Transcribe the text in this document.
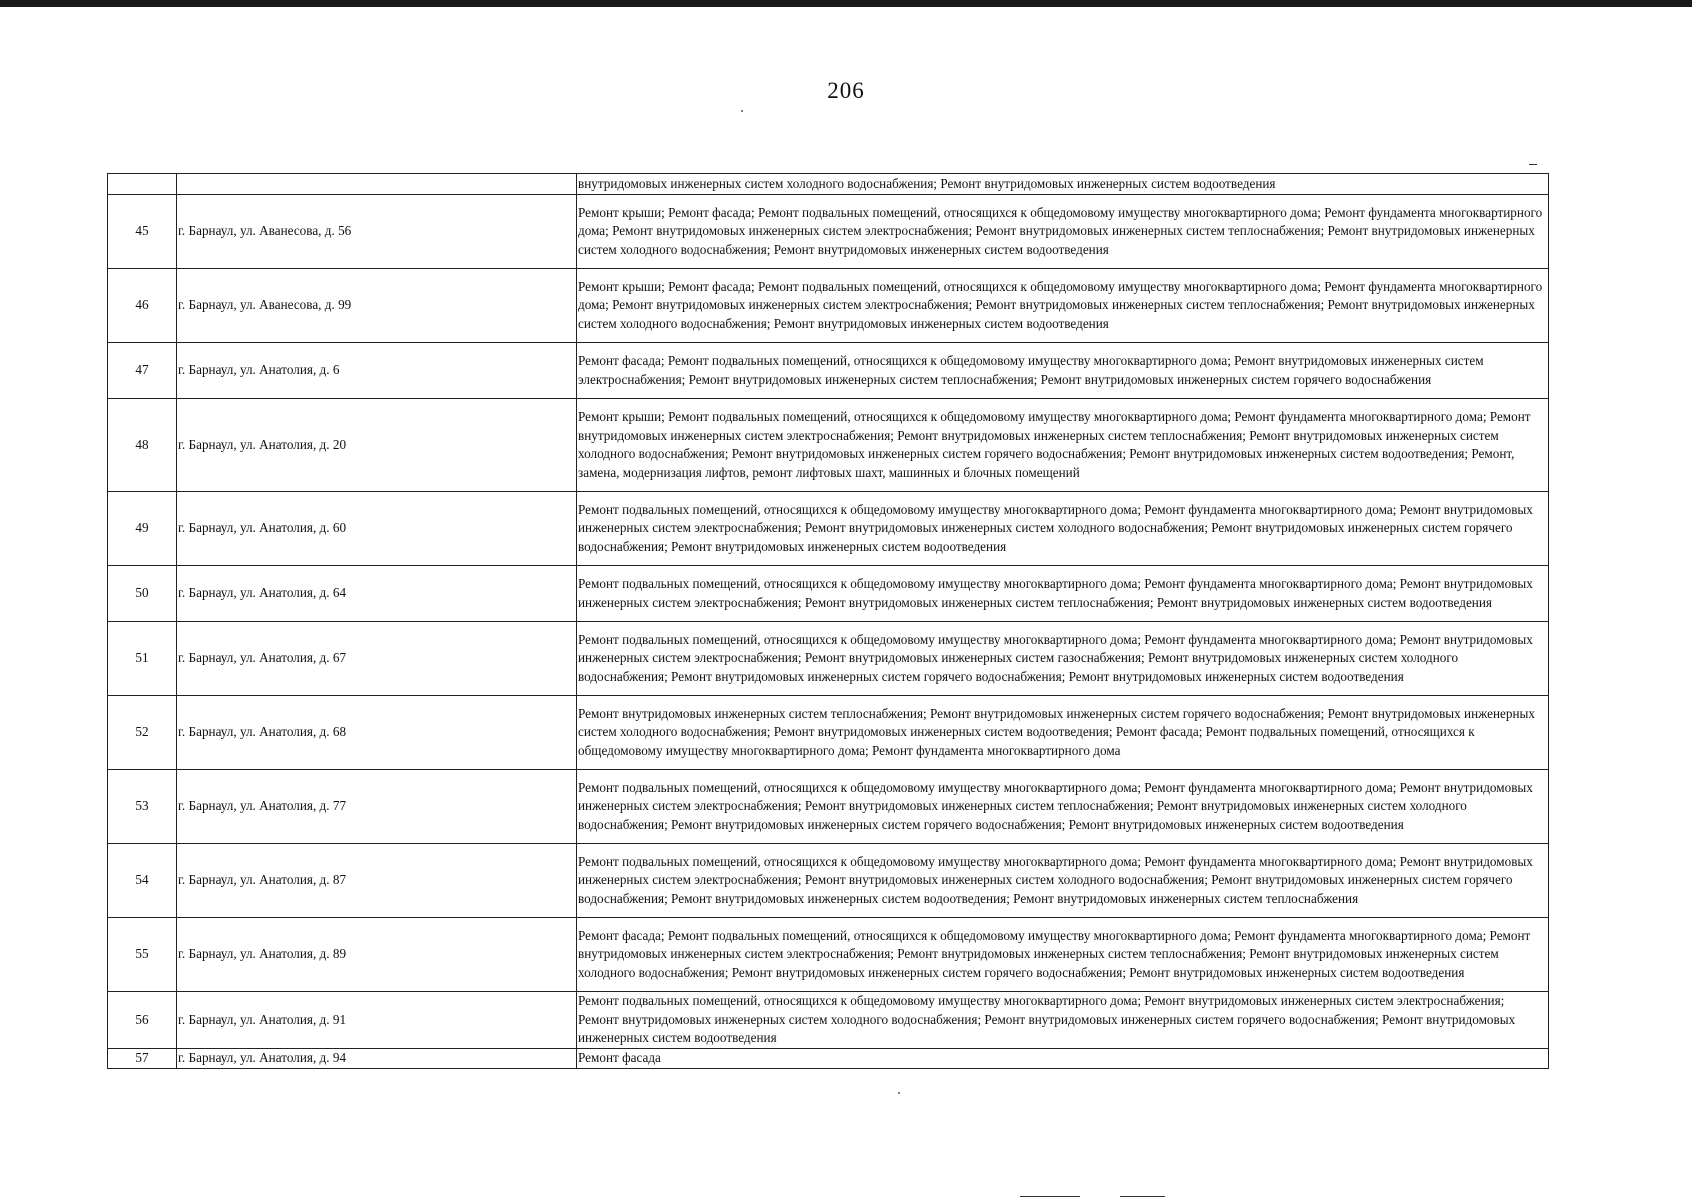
206
		внутридомовых инженерных систем холодного водоснабжения; Ремонт внутридомовых инженерных систем водоотведения
45	г. Барнаул, ул. Аванесова, д. 56	Ремонт крыши; Ремонт фасада; Ремонт подвальных помещений, относящихся к общедомовому имуществу многоквартирного дома; Ремонт фундамента многоквартирного дома; Ремонт внутридомовых инженерных систем электроснабжения; Ремонт внутридомовых инженерных систем теплоснабжения; Ремонт внутридомовых инженерных систем холодного водоснабжения; Ремонт внутридомовых инженерных систем водоотведения
46	г. Барнаул, ул. Аванесова, д. 99	Ремонт крыши; Ремонт фасада; Ремонт подвальных помещений, относящихся к общедомовому имуществу многоквартирного дома; Ремонт фундамента многоквартирного дома; Ремонт внутридомовых инженерных систем электроснабжения; Ремонт внутридомовых инженерных систем теплоснабжения; Ремонт внутридомовых инженерных систем холодного водоснабжения; Ремонт внутридомовых инженерных систем водоотведения
47	г. Барнаул, ул. Анатолия, д. 6	Ремонт фасада; Ремонт подвальных помещений, относящихся к общедомовому имуществу многоквартирного дома; Ремонт внутридомовых инженерных систем электроснабжения; Ремонт внутридомовых инженерных систем теплоснабжения; Ремонт внутридомовых инженерных систем горячего водоснабжения
48	г. Барнаул, ул. Анатолия, д. 20	Ремонт крыши; Ремонт подвальных помещений, относящихся к общедомовому имуществу многоквартирного дома; Ремонт фундамента многоквартирного дома; Ремонт внутридомовых инженерных систем электроснабжения; Ремонт внутридомовых инженерных систем теплоснабжения; Ремонт внутридомовых инженерных систем холодного водоснабжения; Ремонт внутридомовых инженерных систем горячего водоснабжения; Ремонт внутридомовых инженерных систем водоотведения; Ремонт, замена, модернизация лифтов, ремонт лифтовых шахт, машинных и блочных помещений
49	г. Барнаул, ул. Анатолия, д. 60	Ремонт подвальных помещений, относящихся к общедомовому имуществу многоквартирного дома; Ремонт фундамента многоквартирного дома; Ремонт внутридомовых инженерных систем электроснабжения; Ремонт внутридомовых инженерных систем холодного водоснабжения; Ремонт внутридомовых инженерных систем горячего водоснабжения; Ремонт внутридомовых инженерных систем водоотведения
50	г. Барнаул, ул. Анатолия, д. 64	Ремонт подвальных помещений, относящихся к общедомовому имуществу многоквартирного дома; Ремонт фундамента многоквартирного дома; Ремонт внутридомовых инженерных систем электроснабжения; Ремонт внутридомовых инженерных систем теплоснабжения; Ремонт внутридомовых инженерных систем водоотведения
51	г. Барнаул, ул. Анатолия, д. 67	Ремонт подвальных помещений, относящихся к общедомовому имуществу многоквартирного дома; Ремонт фундамента многоквартирного дома; Ремонт внутридомовых инженерных систем электроснабжения; Ремонт внутридомовых инженерных систем газоснабжения; Ремонт внутридомовых инженерных систем холодного водоснабжения; Ремонт внутридомовых инженерных систем горячего водоснабжения; Ремонт внутридомовых инженерных систем водоотведения
52	г. Барнаул, ул. Анатолия, д. 68	Ремонт внутридомовых инженерных систем теплоснабжения; Ремонт внутридомовых инженерных систем горячего водоснабжения; Ремонт внутридомовых инженерных систем холодного водоснабжения; Ремонт внутридомовых инженерных систем водоотведения; Ремонт фасада; Ремонт подвальных помещений, относящихся к общедомовому имуществу многоквартирного дома; Ремонт фундамента многоквартирного дома
53	г. Барнаул, ул. Анатолия, д. 77	Ремонт подвальных помещений, относящихся к общедомовому имуществу многоквартирного дома; Ремонт фундамента многоквартирного дома; Ремонт внутридомовых инженерных систем электроснабжения; Ремонт внутридомовых инженерных систем теплоснабжения; Ремонт внутридомовых инженерных систем холодного водоснабжения; Ремонт внутридомовых инженерных систем горячего водоснабжения; Ремонт внутридомовых инженерных систем водоотведения
54	г. Барнаул, ул. Анатолия, д. 87	Ремонт подвальных помещений, относящихся к общедомовому имуществу многоквартирного дома; Ремонт фундамента многоквартирного дома; Ремонт внутридомовых инженерных систем электроснабжения; Ремонт внутридомовых инженерных систем холодного водоснабжения; Ремонт внутридомовых инженерных систем горячего водоснабжения; Ремонт внутридомовых инженерных систем водоотведения; Ремонт внутридомовых инженерных систем теплоснабжения
55	г. Барнаул, ул. Анатолия, д. 89	Ремонт фасада; Ремонт подвальных помещений, относящихся к общедомовому имуществу многоквартирного дома; Ремонт фундамента многоквартирного дома; Ремонт внутридомовых инженерных систем электроснабжения; Ремонт внутридомовых инженерных систем теплоснабжения; Ремонт внутридомовых инженерных систем холодного водоснабжения; Ремонт внутридомовых инженерных систем горячего водоснабжения; Ремонт внутридомовых инженерных систем водоотведения
56	г. Барнаул, ул. Анатолия, д. 91	Ремонт подвальных помещений, относящихся к общедомовому имуществу многоквартирного дома; Ремонт внутридомовых инженерных систем электроснабжения; Ремонт внутридомовых инженерных систем холодного водоснабжения; Ремонт внутридомовых инженерных систем горячего водоснабжения; Ремонт внутридомовых инженерных систем водоотведения
57	г. Барнаул, ул. Анатолия, д. 94	Ремонт фасада
